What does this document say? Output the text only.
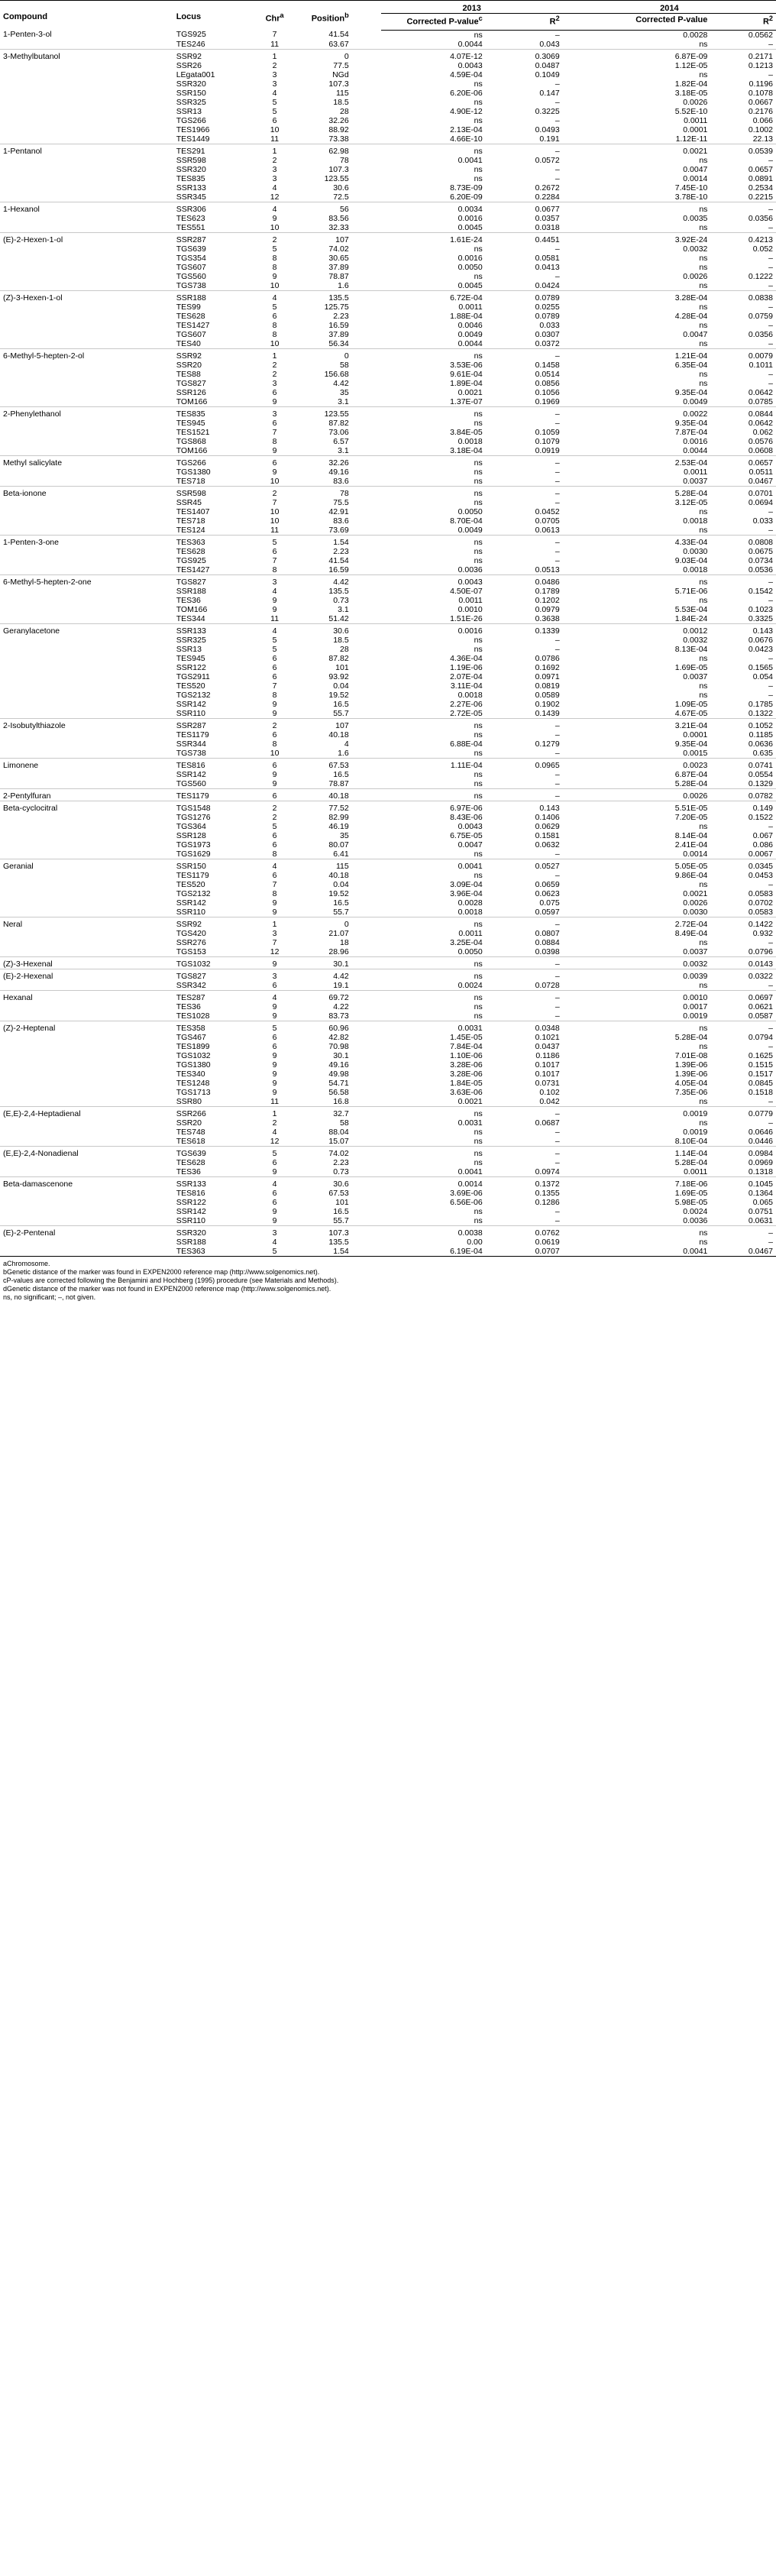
Compound	Locus	Chr$^a$	Position$^b$	2013		2014	
				Corrected P-value$^c$	$R^2$	Corrected P-value	$R^2$
1-Penten-3-ol	TGS925	7	41.54	ns	–	0.0028	0.0562
	TES246	11	63.67	0.0044	0.043	ns	–
3-Methylbutanol	SSR92	1	0	4.07E-12	0.3069	6.87E-09	0.2171
	SSR26	2	77.5	0.0043	0.0487	1.12E-05	0.1213
	LEgata001	3	NGd	4.59E-04	0.1049	ns	–
	SSR320	3	107.3	ns	–	1.82E-04	0.1196
	SSR150	4	115	6.20E-06	0.147	3.18E-05	0.1078
	SSR325	5	18.5	ns	–	0.0026	0.0667
	SSR13	5	28	4.90E-12	0.3225	5.52E-10	0.2176
	TGS266	6	32.26	ns	–	0.0011	0.066
	TES1966	10	88.92	2.13E-04	0.0493	0.0001	0.1002
	TES1449	11	73.38	4.66E-10	0.191	1.12E-11	22.13
1-Pentanol	TES291	1	62.98	ns	–	0.0021	0.0539
	SSR598	2	78	0.0041	0.0572	ns	–
	SSR320	3	107.3	ns	–	0.0047	0.0657
	TES835	3	123.55	ns	–	0.0014	0.0891
	SSR133	4	30.6	8.73E-09	0.2672	7.45E-10	0.2534
	SSR345	12	72.5	6.20E-09	0.2284	3.78E-10	0.2215
1-Hexanol	SSR306	4	56	0.0034	0.0677	ns	–
	TES623	9	83.56	0.0016	0.0357	0.0035	0.0356
	TES551	10	32.33	0.0045	0.0318	ns	–
(E)-2-Hexen-1-ol	SSR287	2	107	1.61E-24	0.4451	3.92E-24	0.4213
	TGS639	5	74.02	ns	–	0.0032	0.052
	TGS354	8	30.65	0.0016	0.0581	ns	–
	TGS607	8	37.89	0.0050	0.0413	ns	–
	TGS560	9	78.87	ns	–	0.0026	0.1222
	TGS738	10	1.6	0.0045	0.0424	ns	–
(Z)-3-Hexen-1-ol	SSR188	4	135.5	6.72E-04	0.0789	3.28E-04	0.0838
	TES99	5	125.75	0.0011	0.0255	ns	–
	TES628	6	2.23	1.88E-04	0.0789	4.28E-04	0.0759
	TES1427	8	16.59	0.0046	0.033	ns	–
	TGS607	8	37.89	0.0049	0.0307	0.0047	0.0356
	TES40	10	56.34	0.0044	0.0372	ns	–
6-Methyl-5-hepten-2-ol	SSR92	1	0	ns	–	1.21E-04	0.0079
	SSR20	2	58	3.53E-06	0.1458	6.35E-04	0.1011
	TES88	2	156.68	9.61E-04	0.0514	ns	–
	TGS827	3	4.42	1.89E-04	0.0856	ns	–
	SSR126	6	35	0.0021	0.1056	9.35E-04	0.0642
	TOM166	9	3.1	1.37E-07	0.1969	0.0049	0.0785
2-Phenylethanol	TES835	3	123.55	ns	–	0.0022	0.0844
	TES945	6	87.82	ns	–	9.35E-04	0.0642
	TES1521	7	73.06	3.84E-05	0.1059	7.87E-04	0.062
	TGS868	8	6.57	0.0018	0.1079	0.0016	0.0576
	TOM166	9	3.1	3.18E-04	0.0919	0.0044	0.0608
Methyl salicylate	TGS266	6	32.26	ns	–	2.53E-04	0.0657
	TGS1380	9	49.16	ns	–	0.0011	0.0511
	TES718	10	83.6	ns	–	0.0037	0.0467
Beta-ionone	SSR598	2	78	ns	–	5.28E-04	0.0701
	SSR45	7	75.5	ns	–	3.12E-05	0.0694
	TES1407	10	42.91	0.0050	0.0452	ns	–
	TES718	10	83.6	8.70E-04	0.0705	0.0018	0.033
	TES124	11	73.69	0.0049	0.0613	ns	–
1-Penten-3-one	TES363	5	1.54	ns	–	4.33E-04	0.0808
	TES628	6	2.23	ns	–	0.0030	0.0675
	TGS925	7	41.54	ns	–	9.03E-04	0.0734
	TES1427	8	16.59	0.0036	0.0513	0.0018	0.0536
6-Methyl-5-hepten-2-one	TGS827	3	4.42	0.0043	0.0486	ns	–
	SSR188	4	135.5	4.50E-07	0.1789	5.71E-06	0.1542
	TES36	9	0.73	0.0011	0.1202	ns	–
	TOM166	9	3.1	0.0010	0.0979	5.53E-04	0.1023
	TES344	11	51.42	1.51E-26	0.3638	1.84E-24	0.3325
Geranylacetone	SSR133	4	30.6	0.0016	0.1339	0.0012	0.143
	SSR325	5	18.5	ns	–	0.0032	0.0676
	SSR13	5	28	ns	–	8.13E-04	0.0423
	TES945	6	87.82	4.36E-04	0.0786	ns	–
	SSR122	6	101	1.19E-06	0.1692	1.69E-05	0.1565
	TGS2911	6	93.92	2.07E-04	0.0971	0.0037	0.054
	TES520	7	0.04	3.11E-04	0.0819	ns	–
	TGS2132	8	19.52	0.0018	0.0589	ns	–
	SSR142	9	16.5	2.27E-06	0.1902	1.09E-05	0.1785
	SSR110	9	55.7	2.72E-05	0.1439	4.67E-05	0.1322
2-Isobutylthiazole	SSR287	2	107	ns	–	3.21E-04	0.1052
	TES1179	6	40.18	ns	–	0.0001	0.1185
	SSR344	8	4	6.88E-04	0.1279	9.35E-04	0.0636
	TGS738	10	1.6	ns	–	0.0015	0.635
Limonene	TES816	6	67.53	1.11E-04	0.0965	0.0023	0.0741
	SSR142	9	16.5	ns	–	6.87E-04	0.0554
	TGS560	9	78.87	ns	–	5.28E-04	0.1329
2-Pentylfuran	TES1179	6	40.18	ns	–	0.0026	0.0782
Beta-cyclocitral	TGS1548	2	77.52	6.97E-06	0.143	5.51E-05	0.149
	TGS1276	2	82.99	8.43E-06	0.1406	7.20E-05	0.1522
	TGS364	5	46.19	0.0043	0.0629	ns	–
	SSR128	6	35	6.75E-05	0.1581	8.14E-04	0.067
	TGS1973	6	80.07	0.0047	0.0632	2.41E-04	0.086
	TGS1629	8	6.41	ns	–	0.0014	0.0067
Geranial	SSR150	4	115	0.0041	0.0527	5.05E-05	0.0345
	TES1179	6	40.18	ns	–	9.86E-04	0.0453
	TES520	7	0.04	3.09E-04	0.0659	ns	–
	TGS2132	8	19.52	3.96E-04	0.0623	0.0021	0.0583
	SSR142	9	16.5	0.0028	0.075	0.0026	0.0702
	SSR110	9	55.7	0.0018	0.0597	0.0030	0.0583
Neral	SSR92	1	0	ns	–	2.72E-04	0.1422
	TGS420	3	21.07	0.0011	0.0807	8.49E-04	0.932
	SSR276	7	18	3.25E-04	0.0884	ns	–
	TGS153	12	28.96	0.0050	0.0398	0.0037	0.0796
(Z)-3-Hexenal	TGS1032	9	30.1	ns	–	0.0032	0.0143
(E)-2-Hexenal	TGS827	3	4.42	ns	–	0.0039	0.0322
	SSR342	6	19.1	0.0024	0.0728	ns	–
Hexanal	TES287	4	69.72	ns	–	0.0010	0.0697
	TES36	9	4.22	ns	–	0.0017	0.0621
	TES1028	9	83.73	ns	–	0.0019	0.0587
(Z)-2-Heptenal	TES358	5	60.96	0.0031	0.0348	ns	–
	TGS467	6	42.82	1.45E-05	0.1021	5.28E-04	0.0794
	TES1899	6	70.98	7.84E-04	0.0437	ns	–
	TGS1032	9	30.1	1.10E-06	0.1186	7.01E-08	0.1625
	TGS1380	9	49.16	3.28E-06	0.1017	1.39E-06	0.1515
	TES340	9	49.98	3.28E-06	0.1017	1.39E-06	0.1517
	TES1248	9	54.71	1.84E-05	0.0731	4.05E-04	0.0845
	TGS1713	9	56.58	3.63E-06	0.102	7.35E-06	0.1518
	SSR80	11	16.8	0.0021	0.042	ns	–
(E,E)-2,4-Heptadienal	SSR266	1	32.7	ns	–	0.0019	0.0779
	SSR20	2	58	0.0031	0.0687	ns	–
	TES748	4	88.04	ns	–	0.0019	0.0646
	TES618	12	15.07	ns	–	8.10E-04	0.0446
(E,E)-2,4-Nonadienal	TGS639	5	74.02	ns	–	1.14E-04	0.0984
	TES628	6	2.23	ns	–	5.28E-04	0.0969
	TES36	9	0.73	0.0041	0.0974	0.0011	0.1318
Beta-damascenone	SSR133	4	30.6	0.0014	0.1372	7.18E-06	0.1045
	TES816	6	67.53	3.69E-06	0.1355	1.69E-05	0.1364
	SSR122	6	101	6.56E-06	0.1286	5.98E-05	0.065
	SSR142	9	16.5	ns	–	0.0024	0.0751
	SSR110	9	55.7	ns	–	0.0036	0.0631
(E)-2-Pentenal	SSR320	3	107.3	0.0038	0.0762	ns	–
	SSR188	4	135.5	0.00	0.0619	ns	–
	TES363	5	1.54	6.19E-04	0.0707	0.0041	0.0467
aChromosome.
bGenetic distance of the marker was found in EXPEN2000 reference map (http://www.solgenomics.net).
cP-values are corrected following the Benjamini and Hochberg (1995) procedure (see Materials and Methods).
dGenetic distance of the marker was not found in EXPEN2000 reference map (http://www.solgenomics.net).
ns, no significant; –, not given.
